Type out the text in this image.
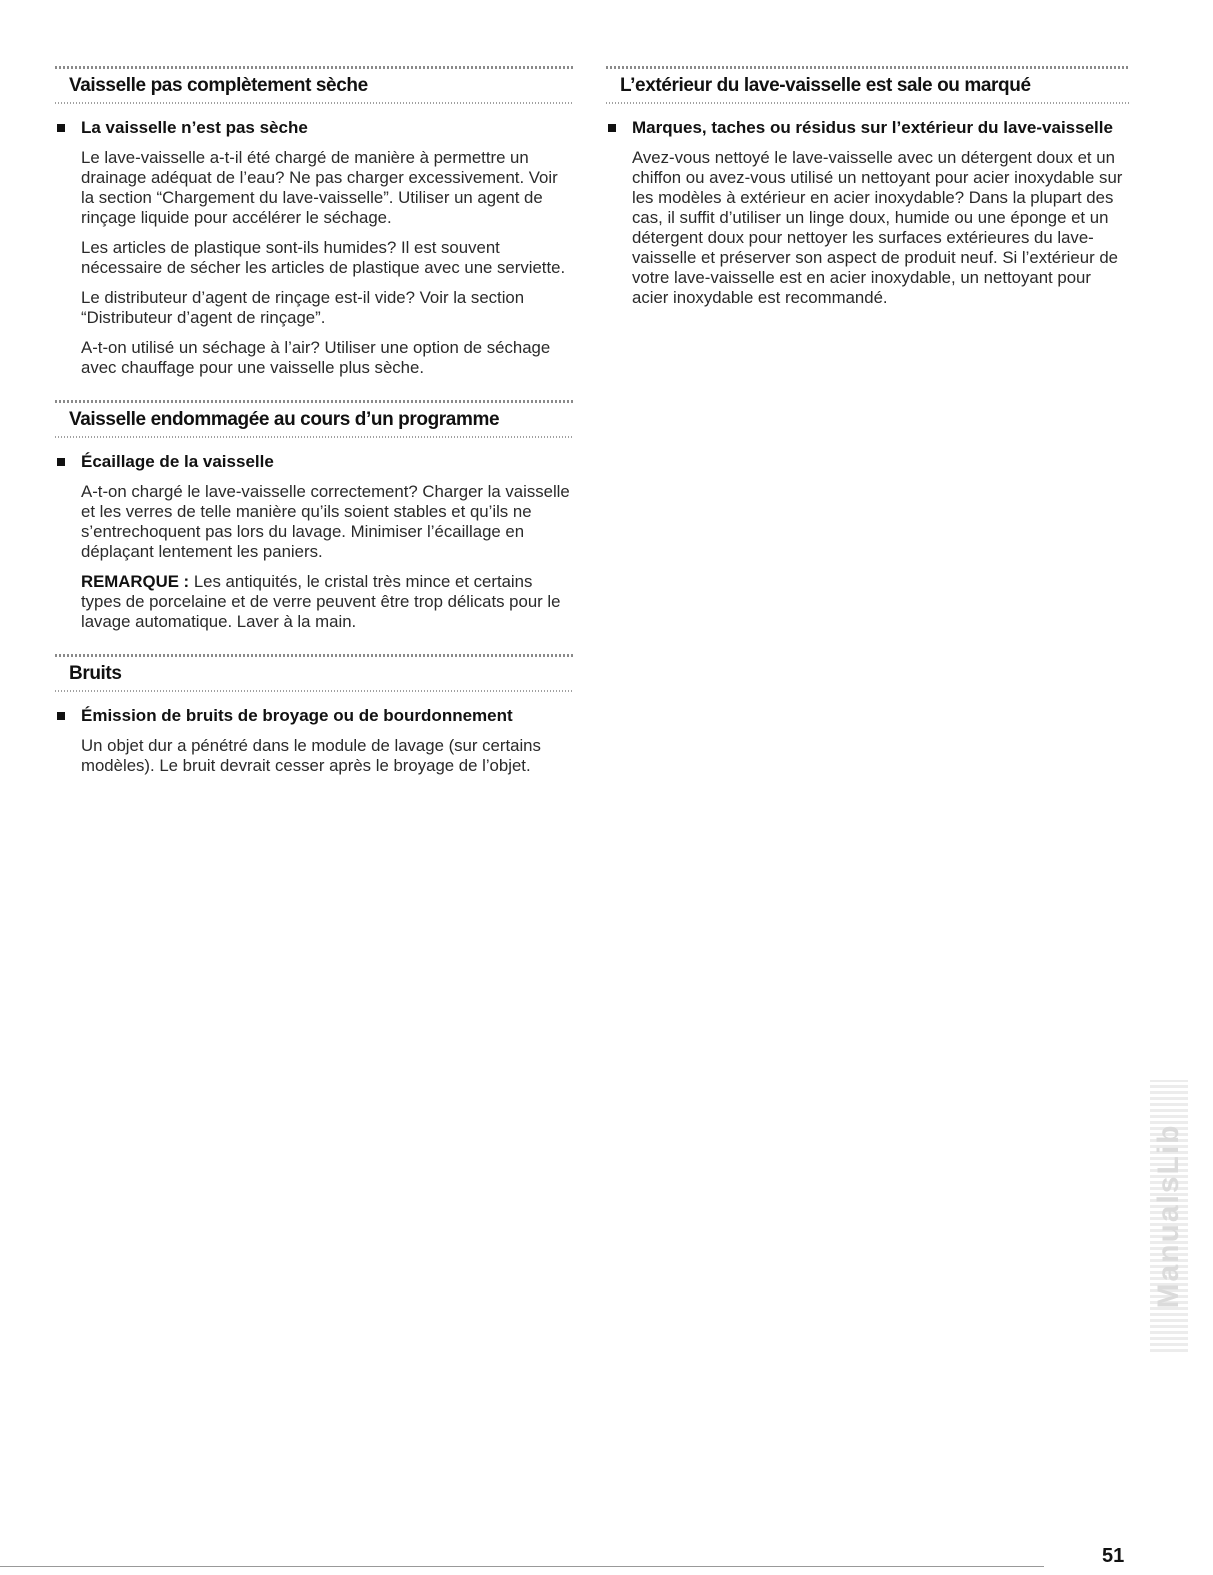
Vaisselle pas complètement sèche
La vaisselle n’est pas sèche

Le lave-vaisselle a-t-il été chargé de manière à permettre un drainage adéquat de l’eau? Ne pas charger excessivement. Voir la section “Chargement du lave-vaisselle”. Utiliser un agent de rinçage liquide pour accélérer le séchage.

Les articles de plastique sont-ils humides? Il est souvent nécessaire de sécher les articles de plastique avec une serviette.

Le distributeur d’agent de rinçage est-il vide? Voir la section “Distributeur d’agent de rinçage”.

A-t-on utilisé un séchage à l’air? Utiliser une option de séchage avec chauffage pour une vaisselle plus sèche.

Vaisselle endommagée au cours d’un programme
Écaillage de la vaisselle

A-t-on chargé le lave-vaisselle correctement? Charger la vaisselle et les verres de telle manière qu’ils soient stables et qu’ils ne s’entrechoquent pas lors du lavage. Minimiser l’écaillage en déplaçant lentement les paniers.

REMARQUE : Les antiquités, le cristal très mince et certains types de porcelaine et de verre peuvent être trop délicats pour le lavage automatique. Laver à la main.

Bruits
Émission de bruits de broyage ou de bourdonnement

Un objet dur a pénétré dans le module de lavage (sur certains modèles). Le bruit devrait cesser après le broyage de l’objet.

L’extérieur du lave-vaisselle est sale ou marqué
Marques, taches ou résidus sur l’extérieur du lave-vaisselle

Avez-vous nettoyé le lave-vaisselle avec un détergent doux et un chiffon ou avez-vous utilisé un nettoyant pour acier inoxydable sur les modèles à extérieur en acier inoxydable? Dans la plupart des cas, il suffit d’utiliser un linge doux, humide ou une éponge et un détergent doux pour nettoyer les surfaces extérieures du lave-vaisselle et préserver son aspect de produit neuf. Si l’extérieur de votre lave-vaisselle est en acier inoxydable, un nettoyant pour acier inoxydable est recommandé.

ManualsLib
51
